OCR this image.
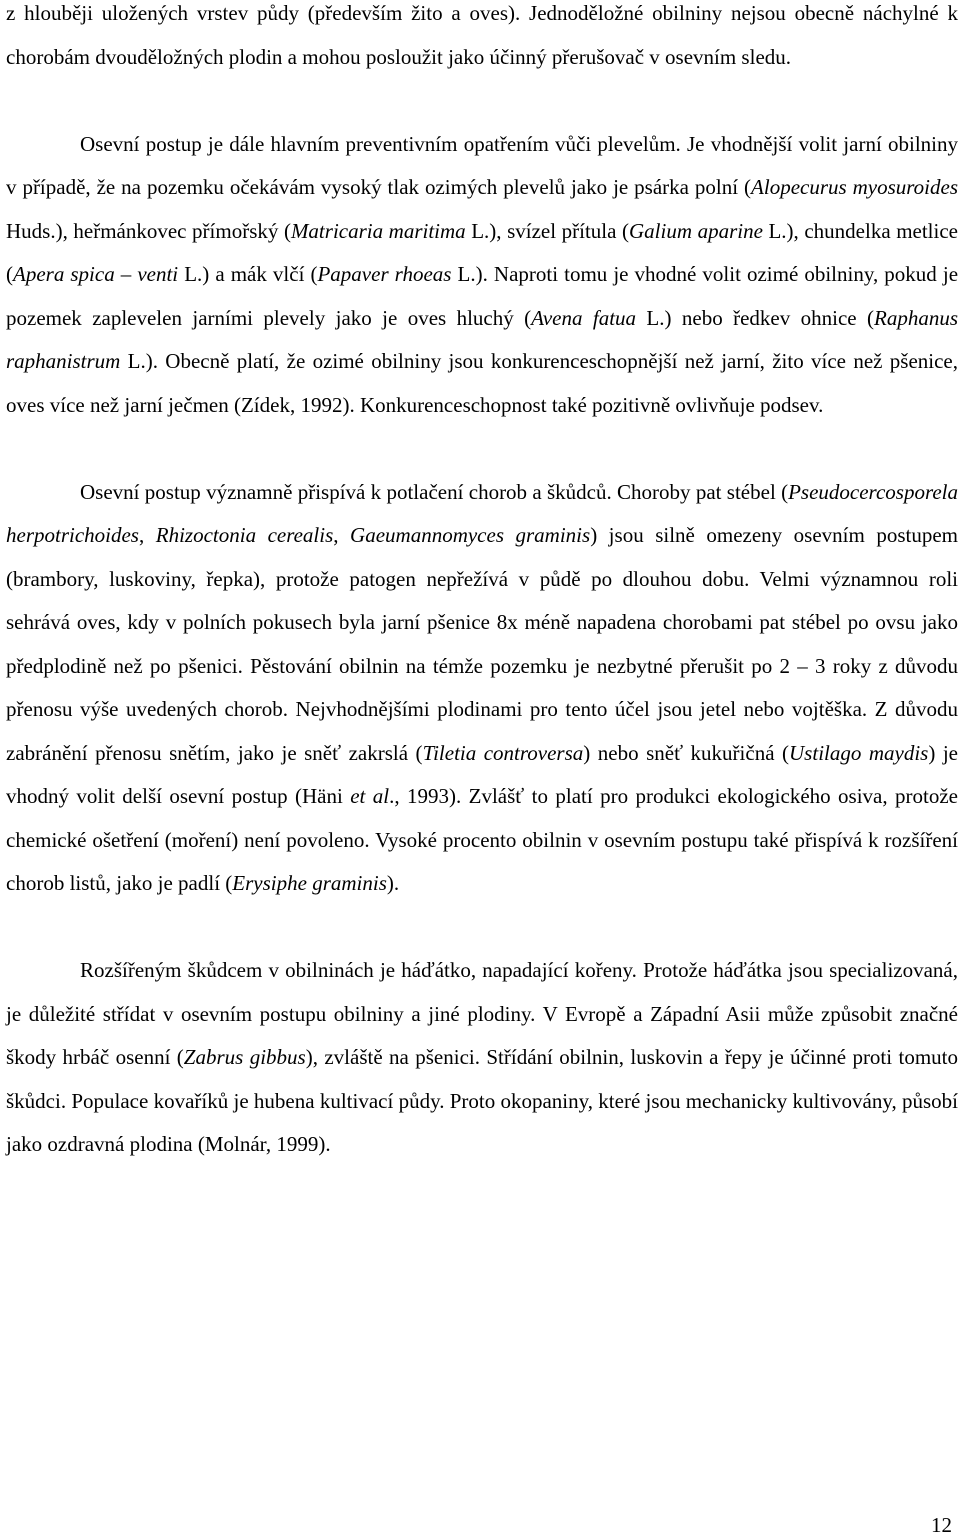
z hlouběji uložených vrstev půdy (především žito a oves). Jednoděložné obilniny nejsou obecně náchylné k chorobám dvouděložných plodin a mohou posloužit jako účinný přerušovač v osevním sledu.

Osevní postup je dále hlavním preventivním opatřením vůči plevelům. Je vhodnější volit jarní obilniny v případě, že na pozemku očekávám vysoký tlak ozimých plevelů jako je psárka polní (Alopecurus myosuroides Huds.), heřmánkovec přímořský (Matricaria maritima L.), svízel přítula (Galium aparine L.), chundelka metlice (Apera spica – venti L.) a mák vlčí (Papaver rhoeas L.). Naproti tomu je vhodné volit ozimé obilniny, pokud je pozemek zaplevelen jarními plevely jako je oves hluchý (Avena fatua L.) nebo ředkev ohnice (Raphanus raphanistrum L.). Obecně platí, že ozimé obilniny jsou konkurenceschopnější než jarní, žito více než pšenice, oves více než jarní ječmen (Zídek, 1992). Konkurenceschopnost také pozitivně ovlivňuje podsev.

Osevní postup významně přispívá k potlačení chorob a škůdců. Choroby pat stébel (Pseudocercosporela herpotrichoides, Rhizoctonia cerealis, Gaeumannomyces graminis) jsou silně omezeny osevním postupem (brambory, luskoviny, řepka), protože patogen nepřežívá v půdě po dlouhou dobu. Velmi významnou roli sehrává oves, kdy v polních pokusech byla jarní pšenice 8x méně napadena chorobami pat stébel po ovsu jako předplodině než po pšenici. Pěstování obilnin na témže pozemku je nezbytné přerušit po 2 – 3 roky z důvodu přenosu výše uvedených chorob. Nejvhodnějšími plodinami pro tento účel jsou jetel nebo vojtěška. Z důvodu zabránění přenosu snětím, jako je sněť zakrslá (Tiletia controversa) nebo sněť kukuřičná (Ustilago maydis) je vhodný volit delší osevní postup (Häni et al., 1993). Zvlášť to platí pro produkci ekologického osiva, protože chemické ošetření (moření) není povoleno. Vysoké procento obilnin v osevním postupu také přispívá k rozšíření chorob listů, jako je padlí (Erysiphe graminis).

Rozšířeným škůdcem v obilninách je háďátko, napadající kořeny. Protože háďátka jsou specializovaná, je důležité střídat v osevním postupu obilniny a jiné plodiny. V Evropě a Západní Asii může způsobit značné škody hrbáč osenní (Zabrus gibbus), zvláště na pšenici. Střídání obilnin, luskovin a řepy je účinné proti tomuto škůdci. Populace kovaříků je hubena kultivací půdy. Proto okopaniny, které jsou mechanicky kultivovány, působí jako ozdravná plodina (Molnár, 1999).

12
